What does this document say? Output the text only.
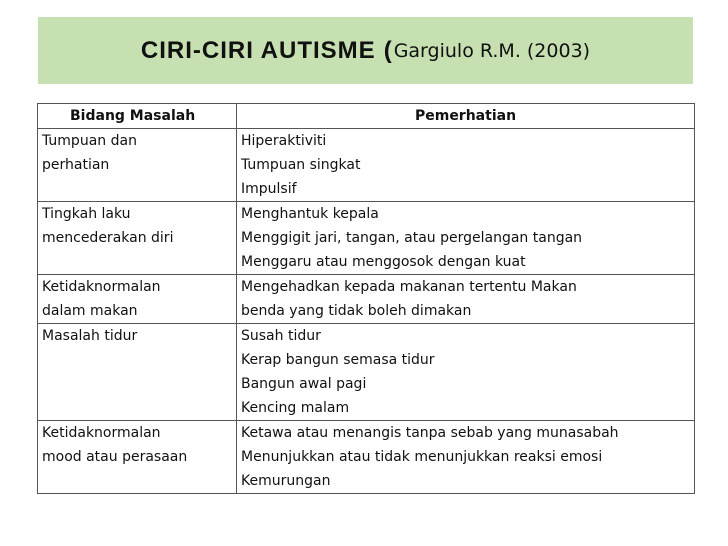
CIRI-CIRI AUTISME ( Gargiulo R.M. (2003)
Bidang Masalah	Pemerhatian

Tumpuan dan
perhatian	Hiperaktiviti
Tumpuan singkat
Impulsif

Tingkah laku
mencederakan diri	Menghantuk kepala
Menggigit jari, tangan, atau pergelangan tangan
Menggaru atau menggosok dengan kuat

Ketidaknormalan
dalam makan	Mengehadkan kepada makanan tertentu Makan
benda yang tidak boleh dimakan

Masalah tidur	Susah tidur
Kerap bangun semasa tidur
Bangun awal pagi
Kencing malam

Ketidaknormalan
mood atau perasaan	Ketawa atau menangis tanpa sebab yang munasabah
Menunjukkan atau tidak menunjukkan reaksi emosi
Kemurungan
